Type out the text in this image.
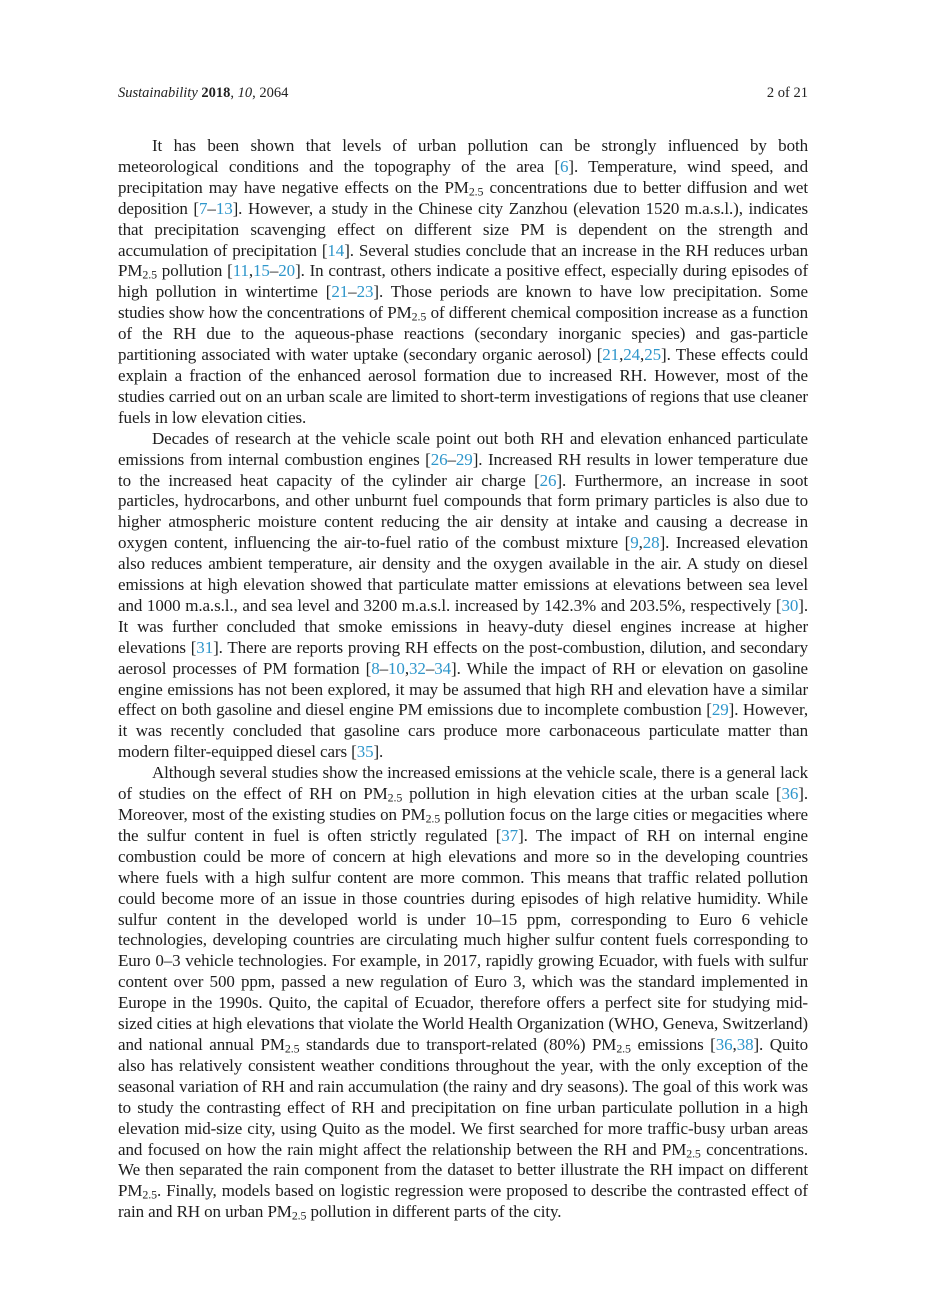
Sustainability 2018, 10, 2064	2 of 21

It has been shown that levels of urban pollution can be strongly influenced by both meteorological conditions and the topography of the area [6]. Temperature, wind speed, and precipitation may have negative effects on the $PM_{2.5}$ concentrations due to better diffusion and wet deposition [7–13]. However, a study in the Chinese city Zanzhou (elevation 1520 m.a.s.l.), indicates that precipitation scavenging effect on different size PM is dependent on the strength and accumulation of precipitation [14]. Several studies conclude that an increase in the RH reduces urban $PM_{2.5}$ pollution [11,15–20]. In contrast, others indicate a positive effect, especially during episodes of high pollution in wintertime [21–23]. Those periods are known to have low precipitation. Some studies show how the concentrations of $PM_{2.5}$ of different chemical composition increase as a function of the RH due to the aqueous-phase reactions (secondary inorganic species) and gas-particle partitioning associated with water uptake (secondary organic aerosol) [21,24,25]. These effects could explain a fraction of the enhanced aerosol formation due to increased RH. However, most of the studies carried out on an urban scale are limited to short-term investigations of regions that use cleaner fuels in low elevation cities.

Decades of research at the vehicle scale point out both RH and elevation enhanced particulate emissions from internal combustion engines [26–29]. Increased RH results in lower temperature due to the increased heat capacity of the cylinder air charge [26]. Furthermore, an increase in soot particles, hydrocarbons, and other unburnt fuel compounds that form primary particles is also due to higher atmospheric moisture content reducing the air density at intake and causing a decrease in oxygen content, influencing the air-to-fuel ratio of the combust mixture [9,28]. Increased elevation also reduces ambient temperature, air density and the oxygen available in the air. A study on diesel emissions at high elevation showed that particulate matter emissions at elevations between sea level and 1000 m.a.s.l., and sea level and 3200 m.a.s.l. increased by 142.3% and 203.5%, respectively [30]. It was further concluded that smoke emissions in heavy-duty diesel engines increase at higher elevations [31]. There are reports proving RH effects on the post-combustion, dilution, and secondary aerosol processes of PM formation [8–10,32–34]. While the impact of RH or elevation on gasoline engine emissions has not been explored, it may be assumed that high RH and elevation have a similar effect on both gasoline and diesel engine PM emissions due to incomplete combustion [29]. However, it was recently concluded that gasoline cars produce more carbonaceous particulate matter than modern filter-equipped diesel cars [35].

Although several studies show the increased emissions at the vehicle scale, there is a general lack of studies on the effect of RH on $PM_{2.5}$ pollution in high elevation cities at the urban scale [36]. Moreover, most of the existing studies on $PM_{2.5}$ pollution focus on the large cities or megacities where the sulfur content in fuel is often strictly regulated [37]. The impact of RH on internal engine combustion could be more of concern at high elevations and more so in the developing countries where fuels with a high sulfur content are more common. This means that traffic related pollution could become more of an issue in those countries during episodes of high relative humidity. While sulfur content in the developed world is under 10–15 ppm, corresponding to Euro 6 vehicle technologies, developing countries are circulating much higher sulfur content fuels corresponding to Euro 0–3 vehicle technologies. For example, in 2017, rapidly growing Ecuador, with fuels with sulfur content over 500 ppm, passed a new regulation of Euro 3, which was the standard implemented in Europe in the 1990s. Quito, the capital of Ecuador, therefore offers a perfect site for studying mid-sized cities at high elevations that violate the World Health Organization (WHO, Geneva, Switzerland) and national annual $PM_{2.5}$ standards due to transport-related (80%) $PM_{2.5}$ emissions [36,38]. Quito also has relatively consistent weather conditions throughout the year, with the only exception of the seasonal variation of RH and rain accumulation (the rainy and dry seasons). The goal of this work was to study the contrasting effect of RH and precipitation on fine urban particulate pollution in a high elevation mid-size city, using Quito as the model. We first searched for more traffic-busy urban areas and focused on how the rain might affect the relationship between the RH and $PM_{2.5}$ concentrations. We then separated the rain component from the dataset to better illustrate the RH impact on different $PM_{2.5}$. Finally, models based on logistic regression were proposed to describe the contrasted effect of rain and RH on urban $PM_{2.5}$ pollution in different parts of the city.
